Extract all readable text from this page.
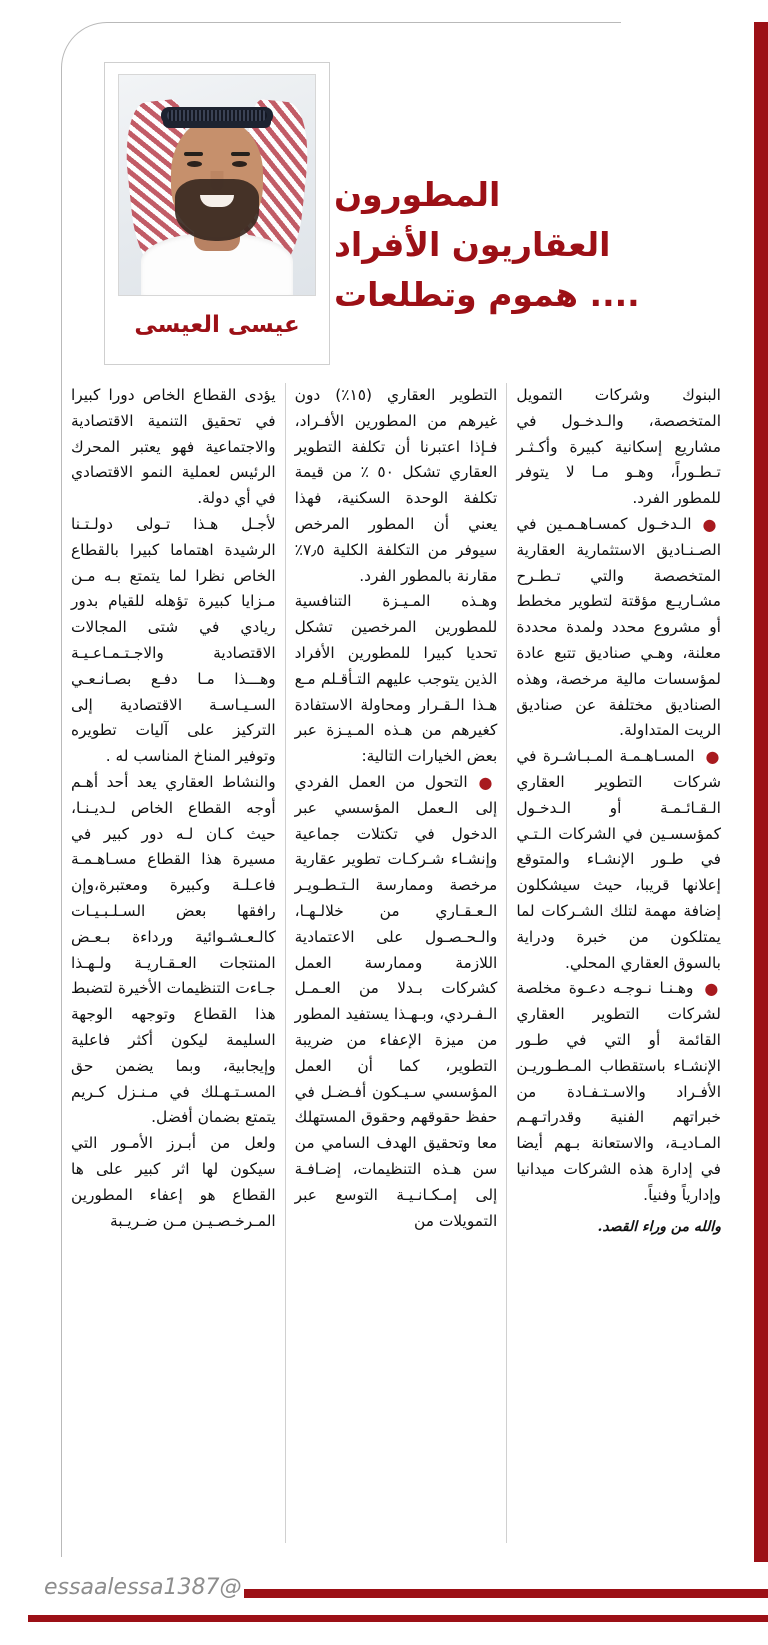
عيسى العيسى
المطورون
العقاريون الأفراد
.... هموم وتطلعات

يؤدى القطاع الخاص دورا كبيرا في تحقيق التنمية الاقتصادية والاجتماعية فهو يعتبر المحرك الرئيس لعملية النمو الاقتصادي في أي دولة.

لأجـل هـذا تـولى دولـتـنا الرشيدة اهتماما كبيرا بالقطاع الخاص نظرا لما يتمتع بـه مـن مـزايا كبيرة تؤهله للقيام بدور ريادي في شتى المجالات الاقتصادية والاجـتـمـاعـيـة وهـــذا مـا دفـع بصـانـعـي السـيـاسـة الاقتصادية إلى التركيز على آليات تطويره وتوفير المناخ المناسب له .

والنشاط العقاري يعد أحد أهـم أوجه القطاع الخاص لـديـنـا، حيث كـان لـه دور كبير في مسيرة هذا القطاع مسـاهـمـة فاعـلـة وكبيرة ومعتبرة،وإن رافقها بعض السـلـبـيـات كالـعـشـوائية ورداءة بـعـض المنتجات العـقـاريـة ولـهـذا جـاءت التنظيمات الأخيرة لتضبط هذا القطاع وتوجهه الوجهة السليمة ليكون أكثر فاعلية وإيجابية، وبما يضمن حق المسـتـهـلك في مـنـزل كـريم يتمتع بضمان أفضل.

ولعل من أبـرز الأمـور التي سيكون لها اثر كبير على ها القطاع هو إعفاء المطورين المـرخـصـيـن مـن ضـريـبة

التطوير العقاري (١٥٪) دون غيرهم من المطورين الأفـراد، فـإذا اعتبرنا أن تكلفة التطوير العقاري تشكل ٥٠ ٪ من قيمة تكلفة الوحدة السكنية، فهذا يعني أن المطور المرخص سيوفر من التكلفة الكلية ٧٫٥٪ مقارنة بالمطور الفرد.

وهـذه المـيـزة التنافسية للمطورين المرخصين تشكل تحديا كبيرا للمطورين الأفراد الذين يتوجب عليهم التـأقـلم مـع هـذا الـقـرار ومحاولة الاستفادة كغيرهم من هـذه المـيـزة عبر بعض الخيارات التالية:

● التحول من العمل الفردي إلى الـعمل المؤسسي عبر الدخول في تكتلات جماعية وإنشـاء شـركـات تطوير عقارية مرخصة وممارسة الـتـطـويـر الـعـقـاري من خلالـهـا، والـحـصـول على الاعتمادية اللازمة وممارسة العمل كشركات بـدلا من العـمـل الـفـردي، وبـهـذا يستفيد المطور من ميزة الإعفاء من ضريبة التطوير، كما أن العمل المؤسسي سـيـكون أفـضـل في حفظ حقوقهم وحقوق المستهلك معا وتحقيق الهدف السامي من سن هـذه التنظيمات، إضـافـة إلى إمـكـانـيـة التوسع عبر التمويلات من

البنوك وشركات التمويل المتخصصة، والـدخـول في مشاريع إسكانية كبيرة وأكـثـر تـطـوراً، وهـو مـا لا يتوفر للمطور الفرد.

● الـدخـول كمسـاهـمـين في الصـنـاديق الاستثمارية العقارية المتخصصة والتي تـطـرح مشـاريـع مؤقتة لتطوير مخطط أو مشروع محدد ولمدة محددة معلنة، وهـي صناديق تتبع عادة لمؤسسات مالية مرخصة، وهذه الصناديق مختلفة عن صناديق الريت المتداولة.

● المسـاهـمـة المـبـاشـرة في شركات التطوير العقاري الـقـائـمـة أو الـدخـول كمؤسسـين في الشركات الـتـي في طـور الإنشـاء والمتوقع إعلانها قريبا، حيث سيشكلون إضافة مهمة لتلك الشـركات لما يمتلكون من خبرة ودراية بالسوق العقاري المحلي.

● وهـنـا نـوجـه دعـوة مخلصة لشركات التطوير العقاري القائمة أو التي في طـور الإنشـاء باستقطاب المـطـوريـن الأفـراد والاسـتـفـادة من خبراتهم الفنية وقدراتـهـم المـاديـة، والاستعانة بـهم أيضا في إدارة هذه الشركات ميدانيا وإدارياً وفنياً.

والله من وراء القصد.
essaalessa1387@
